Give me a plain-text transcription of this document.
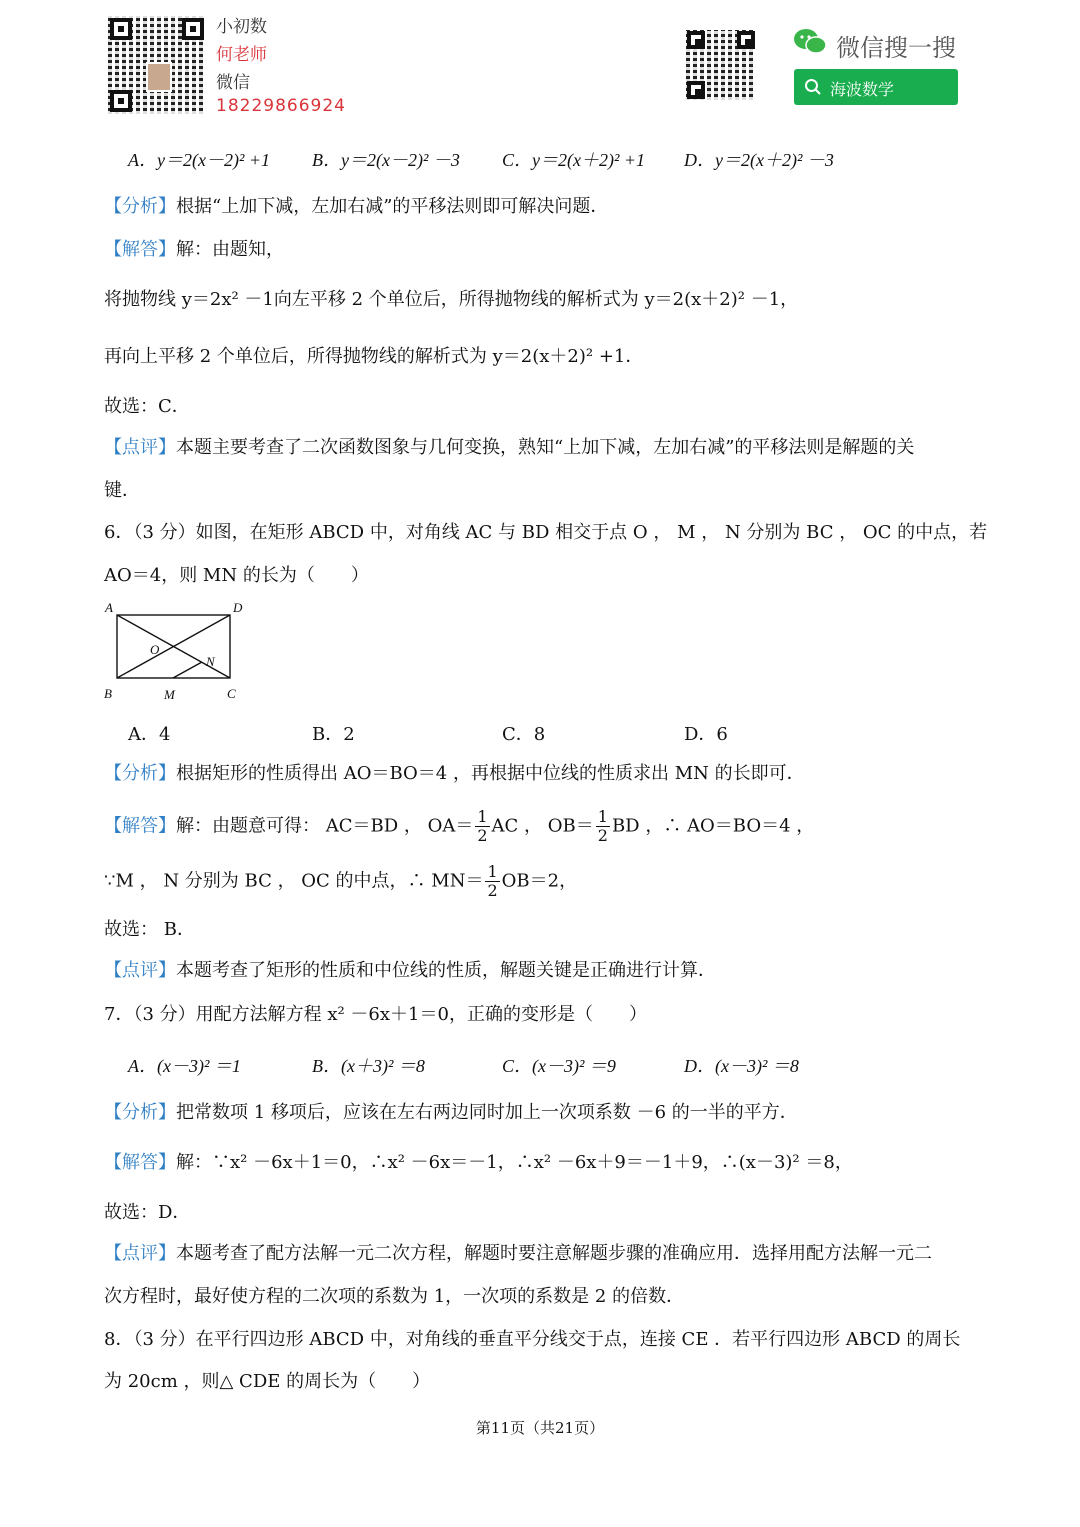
小初数
何老师
微信
18229866924
微信搜一搜
海波数学
A．y＝2(x－2)² +1 B．y＝2(x－2)² －3 C．y＝2(x＋2)² +1 D．y＝2(x＋2)² －3
【分析】根据“上加下减，左加右减”的平移法则即可解决问题．
【解答】解：由题知，
将抛物线 y＝2x² －1向左平移 2 个单位后，所得抛物线的解析式为 y＝2(x＋2)² －1，
再向上平移 2 个单位后，所得抛物线的解析式为 y＝2(x＋2)² +1．
故选：C．
【点评】本题主要考查了二次函数图象与几何变换，熟知“上加下减，左加右减”的平移法则是解题的关
键．
6．（3 分）如图，在矩形 ABCD 中，对角线 AC 与 BD 相交于点 O ， M ， N 分别为 BC ， OC 的中点，若
AO＝4，则 MN 的长为（　　）
A	D
B	C
O
N
M
A．4	B．2	C．8	D．6
【分析】根据矩形的性质得出 AO＝BO＝4 ，再根据中位线的性质求出 MN 的长即可．
【解答】解：由题意可得： AC＝BD ， $OA= \frac{1}{2}$ AC ， $OB= \frac{1}{2}$ BD ，∴ AO＝BO＝4 ，
∵M ， N 分别为 BC ， OC 的中点，∴ $MN= \frac{1}{2} OB=2$，
故选： B．
【点评】本题考查了矩形的性质和中位线的性质，解题关键是正确进行计算．
7．（3 分）用配方法解方程 x² －6x＋1＝0，正确的变形是（　　）
A．(x－3)² ＝1	B．(x＋3)² ＝8	C．(x－3)² ＝9	D．(x－3)² ＝8
【分析】把常数项 1 移项后，应该在左右两边同时加上一次项系数 －6 的一半的平方．
【解答】解：∵x² －6x＋1＝0，∴x² －6x＝－1，∴x² －6x＋9＝－1＋9，∴(x－3)² ＝8，
故选：D．
【点评】本题考查了配方法解一元二次方程，解题时要注意解题步骤的准确应用．选择用配方法解一元二
次方程时，最好使方程的二次项的系数为 1，一次项的系数是 2 的倍数．
8．（3 分）在平行四边形 ABCD 中，对角线的垂直平分线交于点，连接 CE ．若平行四边形 ABCD 的周长
为 20cm ，则△ CDE 的周长为（　　）
第11页（共21页）
